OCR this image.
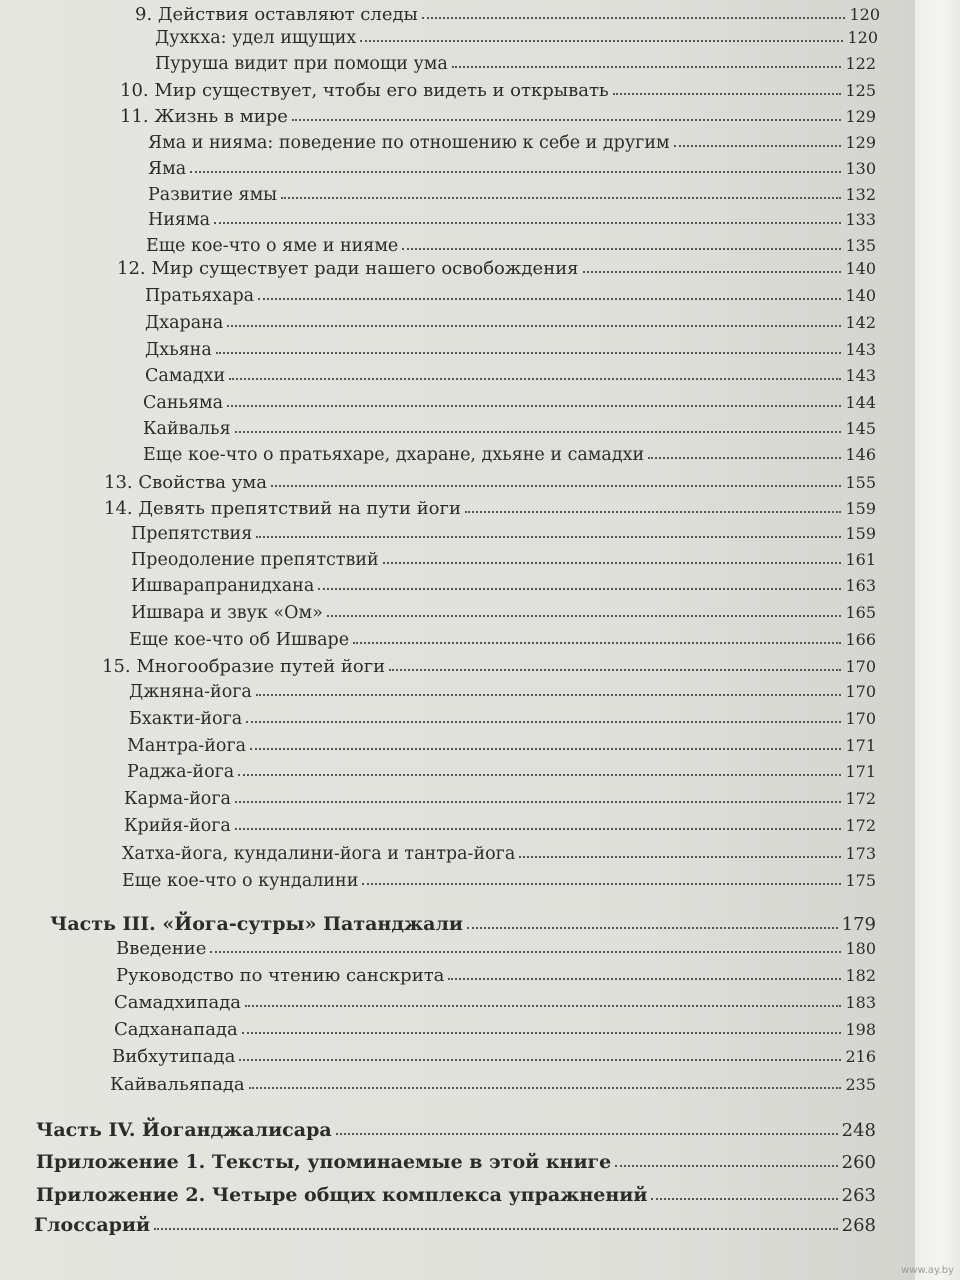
9. Действия оставляют следы	120
Духкха: удел ищущих	120
Пуруша видит при помощи ума	122
10. Мир существует, чтобы его видеть и открывать	125
11. Жизнь в мире	129
Яма и нияма: поведение по отношению к себе и другим	129
Яма	130
Развитие ямы	132
Нияма	133
Еще кое-что о яме и нияме	135
12. Мир существует ради нашего освобождения	140
Пратьяхара	140
Дхарана	142
Дхьяна	143
Самадхи	143
Саньяма	144
Кайвалья	145
Еще кое-что о пратьяхаре, дхаране, дхьяне и самадхи	146
13. Свойства ума	155
14. Девять препятствий на пути йоги	159
Препятствия	159
Преодоление препятствий	161
Ишварапранидхана	163
Ишвара и звук «Ом»	165
Еще кое-что об Ишваре	166
15. Многообразие путей йоги	170
Джняна-йога	170
Бхакти-йога	170
Мантра-йога	171
Раджа-йога	171
Карма-йога	172
Крийя-йога	172
Хатха-йога, кундалини-йога и тантра-йога	173
Еще кое-что о кундалини	175
Часть III. «Йога-сутры» Патанджали	179
Введение	180
Руководство по чтению санскрита	182
Самадхипада	183
Садханапада	198
Вибхутипада	216
Кайвальяпада	235
Часть IV. Йоганджалисара	248
Приложение 1. Тексты, упоминаемые в этой книге	260
Приложение 2. Четыре общих комплекса упражнений	263
Глоссарий	268
www.ay.by
